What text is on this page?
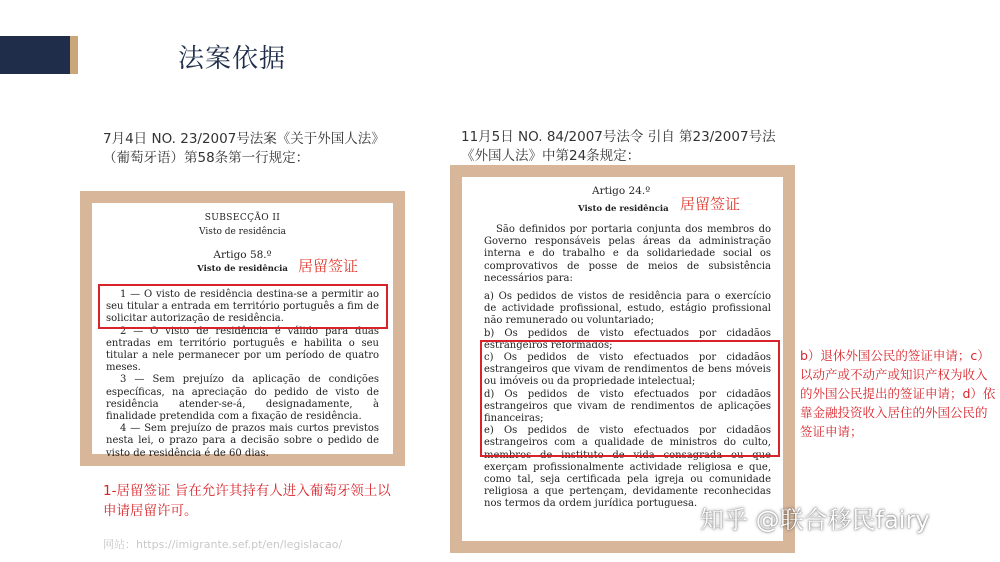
法案依据
7月4日 NO. 23/2007号法案《关于外国人法》（葡萄牙语）第58条第一行规定：
11月5日 NO. 84/2007号法令 引自 第23/2007号法《外国人法》中第24条规定：
SUBSECÇÃO II
Visto de residência
Artigo 58.º
Visto de residência 居留签证

1 — O visto de residência destina-se a permitir ao seu titular a entrada em território português a fim de solicitar autorização de residência.

2 — O visto de residência é válido para duas entradas em território português e habilita o seu titular a nele permanecer por um período de quatro meses.

3 — Sem prejuízo da aplicação de condições específicas, na apreciação do pedido de visto de residência atender-se-á, designadamente, à finalidade pretendida com a fixação de residência.

4 — Sem prejuízo de prazos mais curtos previstos nesta lei, o prazo para a decisão sobre o pedido de visto de residência é de 60 dias.

Artigo 24.º
Visto de residência 居留签证

São definidos por portaria conjunta dos membros do Governo responsáveis pelas áreas da administração interna e do trabalho e da solidariedade social os comprovativos de posse de meios de subsistência necessários para:

a) Os pedidos de vistos de residência para o exercício de actividade profissional, estudo, estágio profissional não remunerado ou voluntariado;

b) Os pedidos de visto efectuados por cidadãos estrangeiros reformados;

c) Os pedidos de visto efectuados por cidadãos estrangeiros que vivam de rendimentos de bens móveis ou imóveis ou da propriedade intelectual;

d) Os pedidos de visto efectuados por cidadãos estrangeiros que vivam de rendimentos de aplicações financeiras;

e) Os pedidos de visto efectuados por cidadãos estrangeiros com a qualidade de ministros do culto, membros de instituto de vida consagrada ou que exerçam profissionalmente actividade religiosa e que, como tal, seja certificada pela igreja ou comunidade religiosa a que pertençam, devidamente reconhecidas nos termos da ordem jurídica portuguesa.

1-居留签证 旨在允许其持有人进入葡萄牙领土以申请居留许可。
网站：https://imigrante.sef.pt/en/legislacao/
b）退休外国公民的签证申请；c）以动产或不动产或知识产权为收入的外国公民提出的签证申请；d）依靠金融投资收入居住的外国公民的签证申请；
知乎 @联合移民fairy
